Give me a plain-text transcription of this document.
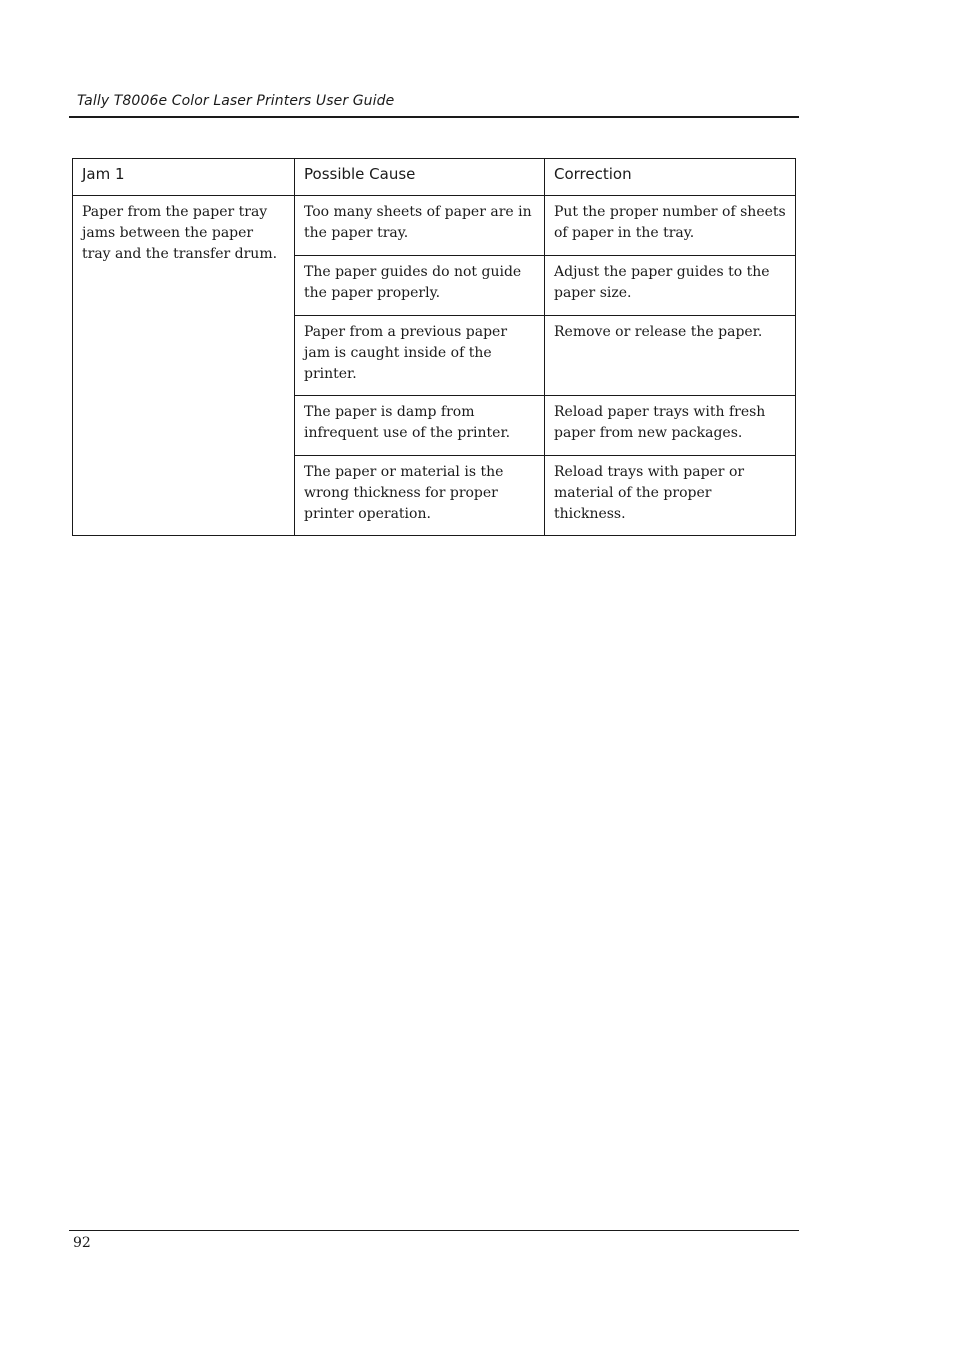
Tally T8006e Color Laser Printers User Guide
Jam 1	Possible Cause	Correction
Paper from the paper tray jams between the paper tray and the transfer drum.	Too many sheets of paper are in the paper tray.	Put the proper number of sheets of paper in the tray.
	The paper guides do not guide the paper properly.	Adjust the paper guides to the paper size.
	Paper from a previous paper jam is caught inside of the printer.	Remove or release the paper.
	The paper is damp from infrequent use of the printer.	Reload paper trays with fresh paper from new packages.
	The paper or material is the wrong thickness for proper printer operation.	Reload trays with paper or material of the proper thickness.
92
